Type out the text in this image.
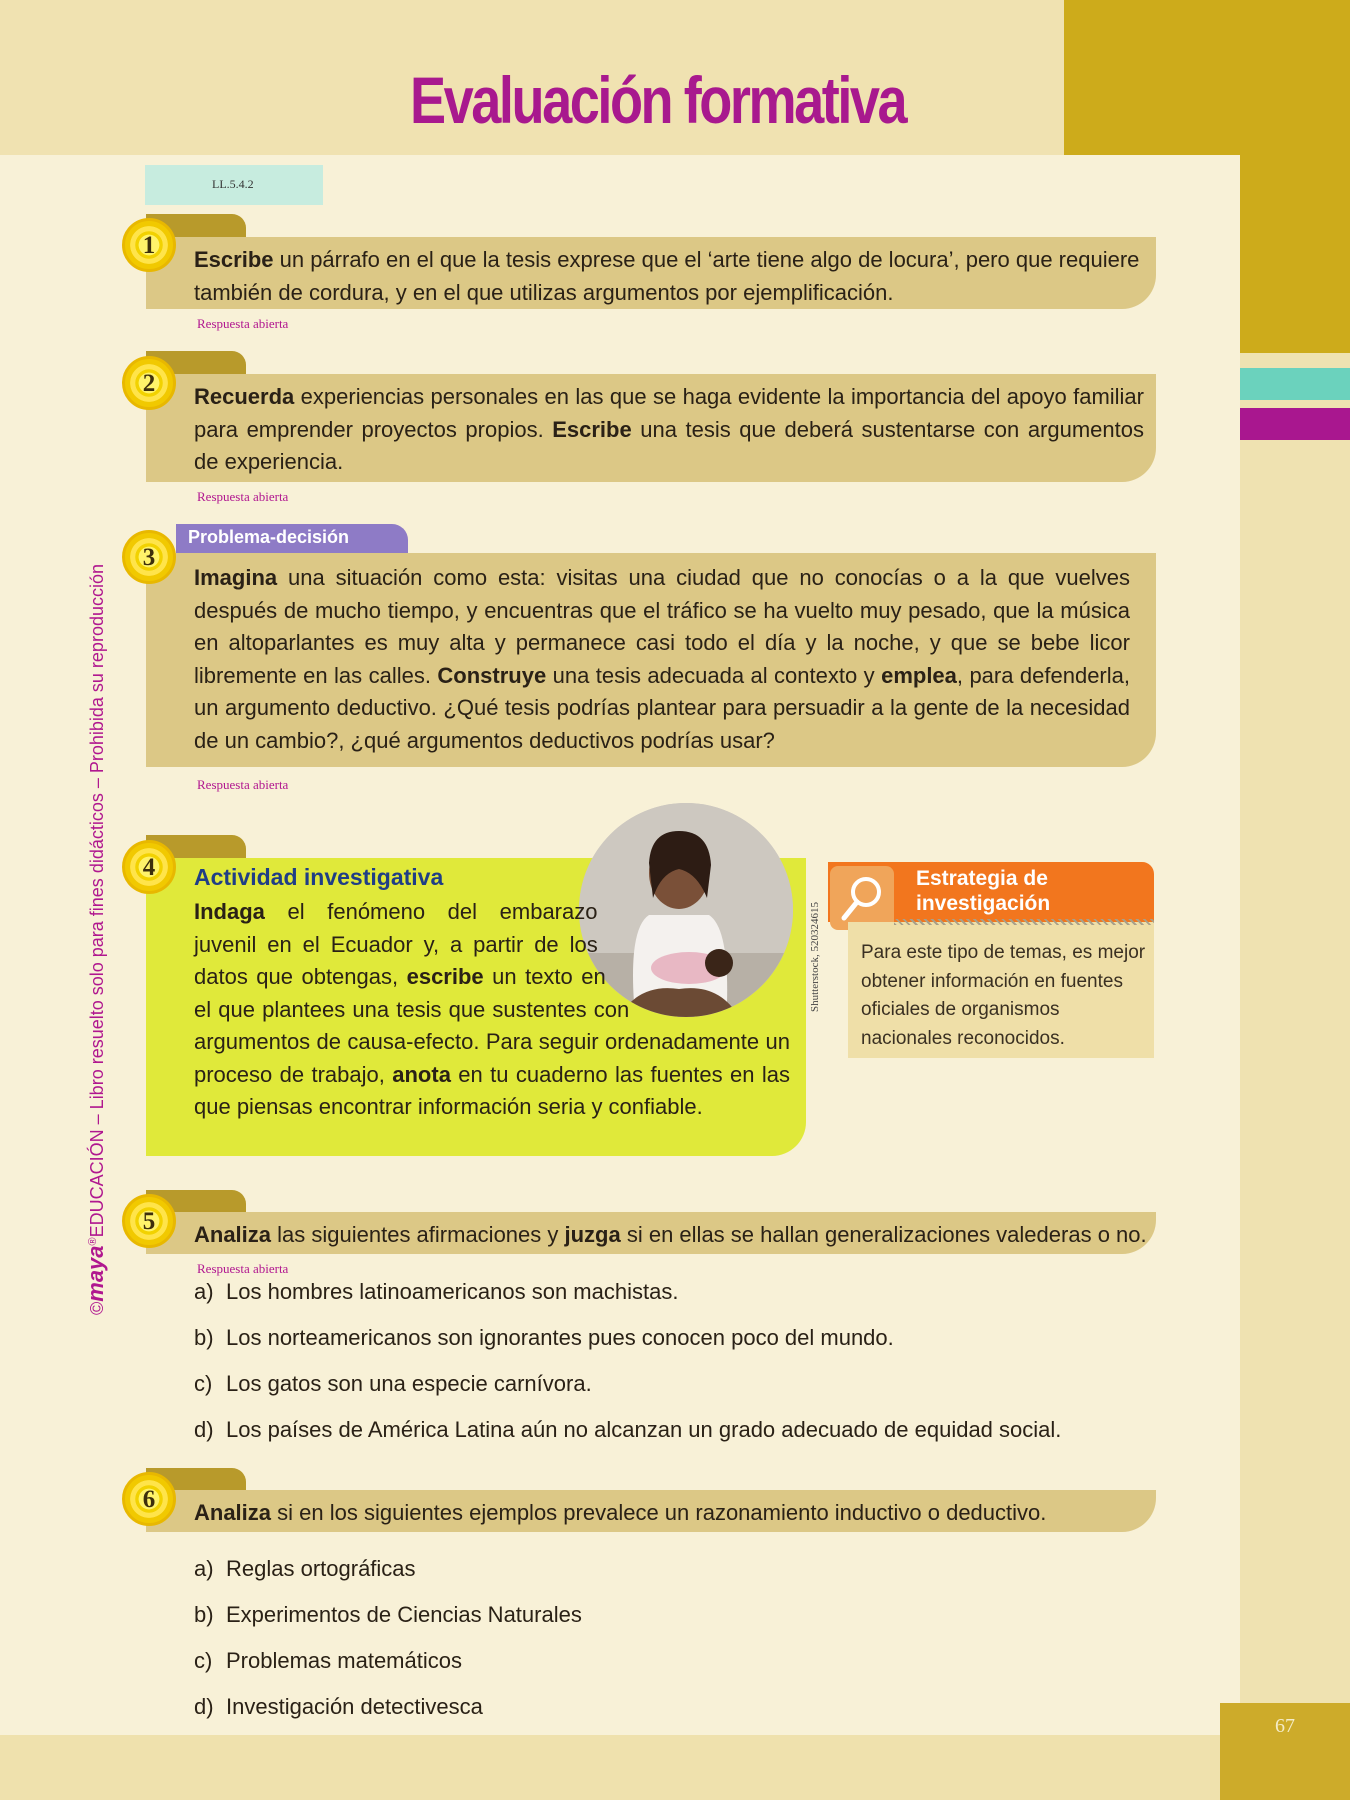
67
Evaluación formativa
LL.5.4.2
©maya®EDUCACIÓN – Libro resuelto solo para fines didácticos – Prohibida su reproducción
1
Escribe un párrafo en el que la tesis exprese que el ‘arte tiene algo de locura’, pero que requiere también de cordura, y en el que utilizas argumentos por ejemplificación.
Respuesta abierta
2	Recuerda experiencias personales en las que se haga evidente la importancia del apoyo familiar para emprender proyectos propios. Escribe una tesis que deberá sustentarse con argumentos de experiencia.
Respuesta abierta
Problema-decisión
3
Imagina una situación como esta: visitas una ciudad que no conocías o a la que vuelves después de mucho tiempo, y encuentras que el tráfico se ha vuelto muy pesado, que la música en altoparlantes es muy alta y permanece casi todo el día y la noche, y que se bebe licor libremente en las calles. Construye una tesis adecuada al contexto y emplea, para defenderla, un argumento deductivo. ¿Qué tesis podrías plantear para persuadir a la gente de la necesidad de un cambio?, ¿qué argumentos deductivos podrías usar?
Respuesta abierta
4	Actividad investigativa
Shutterstock, 520324615
Indaga el fenómeno del embarazo juvenil en el Ecuador y, a partir de los datos que obtengas, escribe un texto en el que plantees una tesis que sustentes con argumentos de causa-efecto. Para seguir ordenadamente un proceso de trabajo, anota en tu cuaderno las fuentes en las que piensas encontrar información seria y confiable.
Estrategia de
investigación
Para este tipo de temas, es mejor obtener información en fuentes oficiales de organismos nacionales reconocidos.
5	Analiza las siguientes afirmaciones y juzga si en ellas se hallan generalizaciones valederas o no.
Respuesta abierta
a) Los hombres latinoamericanos son machistas.
b) Los norteamericanos son ignorantes pues conocen poco del mundo.
c) Los gatos son una especie carnívora.
d) Los países de América Latina aún no alcanzan un grado adecuado de equidad social.
6	Analiza si en los siguientes ejemplos prevalece un razonamiento inductivo o deductivo.
a) Reglas ortográficas
b) Experimentos de Ciencias Naturales
c) Problemas matemáticos
d) Investigación detectivesca
